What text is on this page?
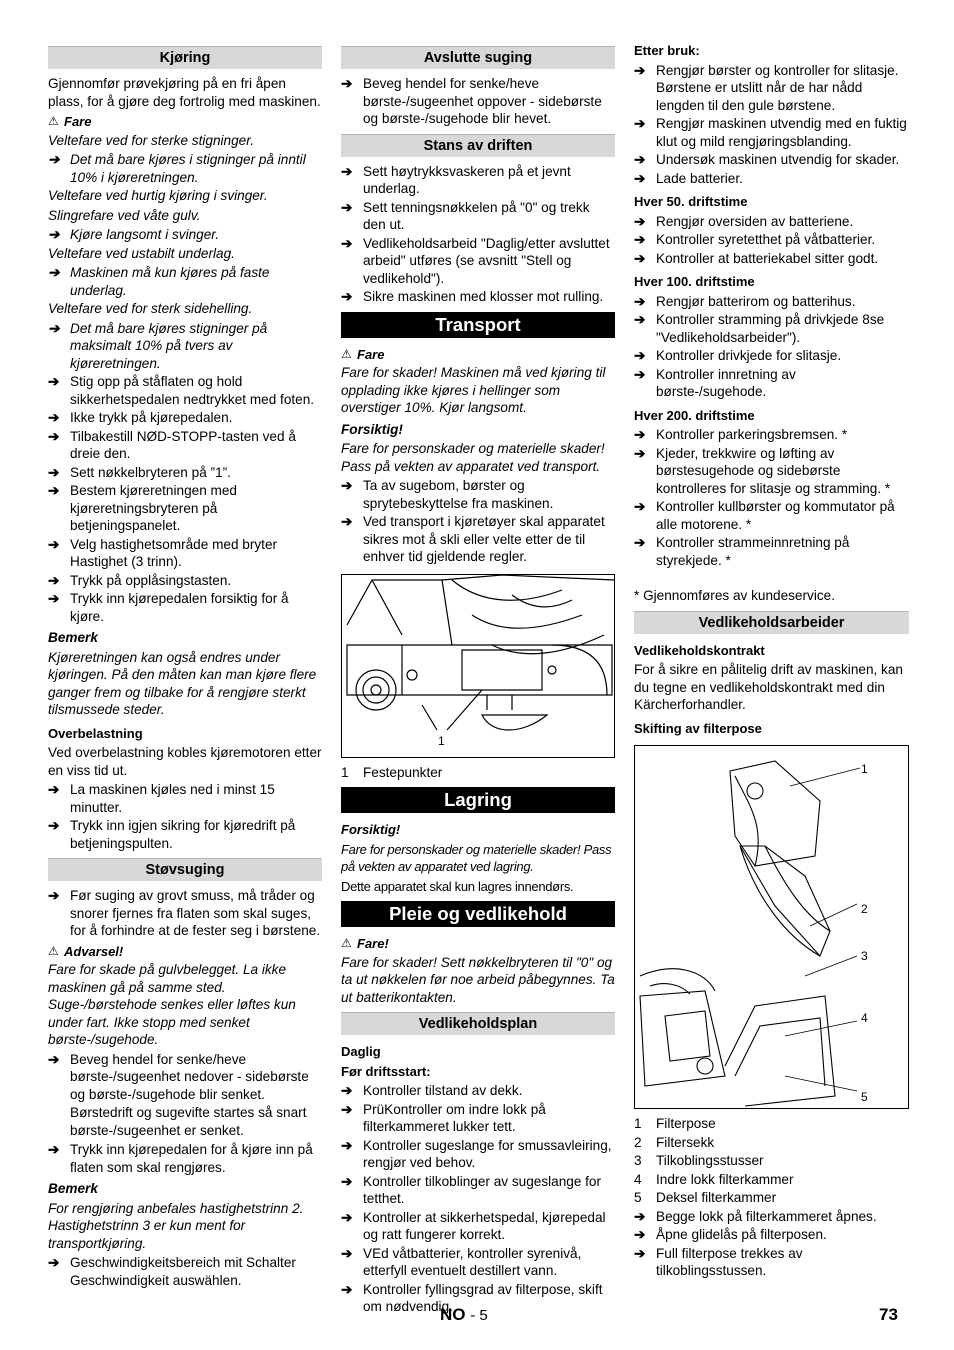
Kjøring
Gjennomfør prøvekjøring på en fri åpen plass, for å gjøre deg fortrolig med maskinen.
⚠ Fare
Veltefare ved for sterke stigninger.
➔ Det må bare kjøres i stigninger på inntil 10% i kjøreretningen.
Veltefare ved hurtig kjøring i svinger.
Slingrefare ved våte gulv.
➔ Kjøre langsomt i svinger.
Veltefare ved ustabilt underlag.
➔ Maskinen må kun kjøres på faste underlag.
Veltefare ved for sterk sidehelling.
➔ Det må bare kjøres stigninger på maksimalt 10% på tvers av kjøreretningen.
➔ Stig opp på ståflaten og hold sikkerhetspedalen nedtrykket med foten.
➔ Ikke trykk på kjørepedalen.
➔ Tilbakestill NØD-STOPP-tasten ved å dreie den.
➔ Sett nøkkelbryteren på ”1”.
➔ Bestem kjøreretningen med kjøreretningsbryteren på betjeningspanelet.
➔ Velg hastighetsområde med bryter Hastighet (3 trinn).
➔ Trykk på opplåsingstasten.
➔ Trykk inn kjørepedalen forsiktig for å kjøre.
Bemerk
Kjøreretningen kan også endres under kjøringen. På den måten kan man kjøre flere ganger frem og tilbake for å rengjøre sterkt tilsmussede steder.
Overbelastning
Ved overbelastning kobles kjøremotoren etter en viss tid ut.
➔ La maskinen kjøles ned i minst 15 minutter.
➔ Trykk inn igjen sikring for kjøredrift på betjeningspulten.
Støvsuging
➔ Før suging av grovt smuss, må tråder og snorer fjernes fra flaten som skal suges, for å forhindre at de fester seg i børstene.
⚠ Advarsel!
Fare for skade på gulvbelegget. La ikke maskinen gå på samme sted. Suge-/børstehode senkes eller løftes kun under fart. Ikke stopp med senket børste-/sugehode.
➔ Beveg hendel for senke/heve børste-/sugeenhet nedover - sidebørste og børste-/sugehode blir senket.
Børstedrift og sugevifte startes så snart børste-/sugeenhet er senket.
➔ Trykk inn kjørepedalen for å kjøre inn på flaten som skal rengjøres.
Bemerk
For rengjøring anbefales hastighetstrinn 2. Hastighetstrinn 3 er kun ment for transportkjøring.
➔ Geschwindigkeitsbereich mit Schalter Geschwindigkeit auswählen.
Avslutte suging
➔ Beveg hendel for senke/heve børste-/sugeenhet oppover - sidebørste og børste-/sugehode blir hevet.
Stans av driften
➔ Sett høytrykksvaskeren på et jevnt underlag.
➔ Sett tenningsnøkkelen på "0" og trekk den ut.
➔ Vedlikeholdsarbeid "Daglig/etter avsluttet arbeid" utføres (se avsnitt "Stell og vedlikehold").
➔ Sikre maskinen med klosser mot rulling.
Transport
⚠ Fare
Fare for skader! Maskinen må ved kjøring til opplading ikke kjøres i hellinger som overstiger 10%. Kjør langsomt.
Forsiktig!
Fare for personskader og materielle skader! Pass på vekten av apparatet ved transport.
➔ Ta av sugebom, børster og sprytebeskyttelse fra maskinen.
➔ Ved transport i kjøretøyer skal apparatet sikres mot å skli eller velte etter de til enhver tid gjeldende regler.
1
1	Festepunkter
Lagring
Forsiktig!
Fare for personskader og materielle skader! Pass på vekten av apparatet ved lagring.
Dette apparatet skal kun lagres innendørs.
Pleie og vedlikehold
⚠ Fare!
Fare for skader! Sett nøkkelbryteren til "0" og ta ut nøkkelen før noe arbeid påbegynnes. Ta ut batterikontakten.
Vedlikeholdsplan
Daglig
Før driftsstart:
➔ Kontroller tilstand av dekk.
➔ PrüKontroller om indre lokk på filterkammeret lukker tett.
➔ Kontroller sugeslange for smussavleiring, rengjør ved behov.
➔ Kontroller tilkoblinger av sugeslange for tetthet.
➔ Kontroller at sikkerhetspedal, kjørepedal og ratt fungerer korrekt.
➔ VEd våtbatterier, kontroller syrenivå, etterfyll eventuelt destillert vann.
➔ Kontroller fyllingsgrad av filterpose, skift om nødvendig.
Etter bruk:
➔ Rengjør børster og kontroller for slitasje. Børstene er utslitt når de har nådd lengden til den gule børstene.
➔ Rengjør maskinen utvendig med en fuktig klut og mild rengjøringsblanding.
➔ Undersøk maskinen utvendig for skader.
➔ Lade batterier.
Hver 50. driftstime
➔ Rengjør oversiden av batteriene.
➔ Kontroller syretetthet på våtbatterier.
➔ Kontroller at batteriekabel sitter godt.
Hver 100. driftstime
➔ Rengjør batterirom og batterihus.
➔ Kontroller stramming på drivkjede 8se "Vedlikeholdsarbeider").
➔ Kontroller drivkjede for slitasje.
➔ Kontroller innretning av børste-/sugehode.
Hver 200. driftstime
➔ Kontroller parkeringsbremsen. *
➔ Kjeder, trekkwire og løfting av børstesugehode og sidebørste kontrolleres for slitasje og stramming. *
➔ Kontroller kullbørster og kommutator på alle motorene. *
➔ Kontroller strammeinnretning på styrekjede. *
* Gjennomføres av kundeservice.
Vedlikeholdsarbeider
Vedlikeholdskontrakt
For å sikre en pålitelig drift av maskinen, kan du tegne en vedlikeholdskontrakt med din Kärcherforhandler.
Skifting av filterpose
1
2
3
4
5
1	Filterpose
2	Filtersekk
3	Tilkoblingsstusser
4	Indre lokk filterkammer
5	Deksel filterkammer
➔ Begge lokk på filterkammeret åpnes.
➔ Åpne glidelås på filterposen.
➔ Full filterpose trekkes av tilkoblingsstussen.
NO - 5	73
